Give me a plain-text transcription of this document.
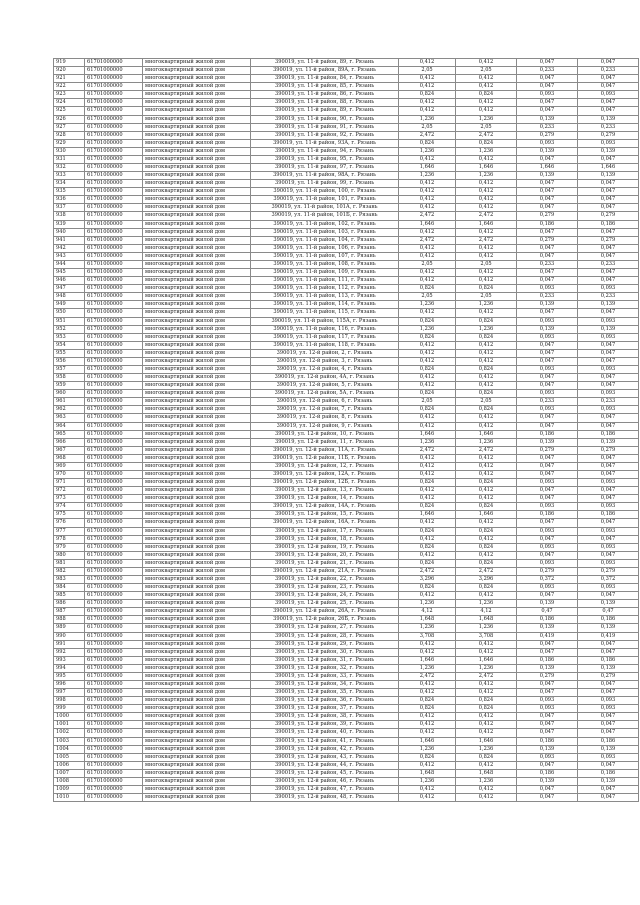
919	61701000000	многоквартирный жилой дом	390019, ул. 11-й район, 89, г. Рязань	0,412	0,412	0,047	0,047
920	61701000000	многоквартирный жилой дом	390019, ул. 11-й район, 89А, г. Рязань	2,05	2,05	0,233	0,233
921	61701000000	многоквартирный жилой дом	390019, ул. 11-й район, 84, г. Рязань	0,412	0,412	0,047	0,047
922	61701000000	многоквартирный жилой дом	390019, ул. 11-й район, 85, г. Рязань	0,412	0,412	0,047	0,047
923	61701000000	многоквартирный жилой дом	390019, ул. 11-й район, 86, г. Рязань	0,824	0,824	0,093	0,093
924	61701000000	многоквартирный жилой дом	390019, ул. 11-й район, 88, г. Рязань	0,412	0,412	0,047	0,047
925	61701000000	многоквартирный жилой дом	390019, ул. 11-й район, 89, г. Рязань	0,412	0,412	0,047	0,047
926	61701000000	многоквартирный жилой дом	390019, ул. 11-й район, 90, г. Рязань	1,236	1,236	0,139	0,139
927	61701000000	многоквартирный жилой дом	390019, ул. 11-й район, 91, г. Рязань	2,05	2,05	0,233	0,233
928	61701000000	многоквартирный жилой дом	390019, ул. 11-й район, 92, г. Рязань	2,472	2,472	0,279	0,279
929	61701000000	многоквартирный жилой дом	390019, ул. 11-й район, 93А, г. Рязань	0,824	0,824	0,093	0,093
930	61701000000	многоквартирный жилой дом	390019, ул. 11-й район, 94, г. Рязань	1,236	1,236	0,139	0,139
931	61701000000	многоквартирный жилой дом	390019, ул. 11-й район, 95, г. Рязань	0,412	0,412	0,047	0,047
932	61701000000	многоквартирный жилой дом	390019, ул. 11-й район, 97, г. Рязань	1,646	1,646	1,646	1,646
933	61701000000	многоквартирный жилой дом	390019, ул. 11-й район, 98А, г. Рязань	1,236	1,236	0,139	0,139
934	61701000000	многоквартирный жилой дом	390019, ул. 11-й район, 99, г. Рязань	0,412	0,412	0,047	0,047
935	61701000000	многоквартирный жилой дом	390019, ул. 11-й район, 100, г. Рязань	0,412	0,412	0,047	0,047
936	61701000000	многоквартирный жилой дом	390019, ул. 11-й район, 101, г. Рязань	0,412	0,412	0,047	0,047
937	61701000000	многоквартирный жилой дом	390019, ул. 11-й район, 101А, г. Рязань	0,412	0,412	0,047	0,047
938	61701000000	многоквартирный жилой дом	390019, ул. 11-й район, 101Б, г. Рязань	2,472	2,472	0,279	0,279
939	61701000000	многоквартирный жилой дом	390019, ул. 11-й район, 102, г. Рязань	1,646	1,646	0,186	0,186
940	61701000000	многоквартирный жилой дом	390019, ул. 11-й район, 103, г. Рязань	0,412	0,412	0,047	0,047
941	61701000000	многоквартирный жилой дом	390019, ул. 11-й район, 104, г. Рязань	2,472	2,472	0,279	0,279
942	61701000000	многоквартирный жилой дом	390019, ул. 11-й район, 106, г. Рязань	0,412	0,412	0,047	0,047
943	61701000000	многоквартирный жилой дом	390019, ул. 11-й район, 107, г. Рязань	0,412	0,412	0,047	0,047
944	61701000000	многоквартирный жилой дом	390019, ул. 11-й район, 108, г. Рязань	2,05	2,05	0,233	0,233
945	61701000000	многоквартирный жилой дом	390019, ул. 11-й район, 109, г. Рязань	0,412	0,412	0,047	0,047
946	61701000000	многоквартирный жилой дом	390019, ул. 11-й район, 111, г. Рязань	0,412	0,412	0,047	0,047
947	61701000000	многоквартирный жилой дом	390019, ул. 11-й район, 112, г. Рязань	0,824	0,824	0,093	0,093
948	61701000000	многоквартирный жилой дом	390019, ул. 11-й район, 113, г. Рязань	2,05	2,05	0,233	0,233
949	61701000000	многоквартирный жилой дом	390019, ул. 11-й район, 114, г. Рязань	1,236	1,236	0,139	0,139
950	61701000000	многоквартирный жилой дом	390019, ул. 11-й район, 115, г. Рязань	0,412	0,412	0,047	0,047
951	61701000000	многоквартирный жилой дом	390019, ул. 11-й район, 115А, г. Рязань	0,824	0,824	0,093	0,093
952	61701000000	многоквартирный жилой дом	390019, ул. 11-й район, 116, г. Рязань	1,236	1,236	0,139	0,139
953	61701000000	многоквартирный жилой дом	390019, ул. 11-й район, 117, г. Рязань	0,824	0,824	0,093	0,093
954	61701000000	многоквартирный жилой дом	390019, ул. 11-й район, 118, г. Рязань	0,412	0,412	0,047	0,047
955	61701000000	многоквартирный жилой дом	390019, ул. 12-й район, 2, г. Рязань	0,412	0,412	0,047	0,047
956	61701000000	многоквартирный жилой дом	390019, ул. 12-й район, 3, г. Рязань	0,412	0,412	0,047	0,047
957	61701000000	многоквартирный жилой дом	390019, ул. 12-й район, 4, г. Рязань	0,824	0,824	0,093	0,093
958	61701000000	многоквартирный жилой дом	390019, ул. 12-й район, 4А, г. Рязань	0,412	0,412	0,047	0,047
959	61701000000	многоквартирный жилой дом	390019, ул. 12-й район, 5, г. Рязань	0,412	0,412	0,047	0,047
960	61701000000	многоквартирный жилой дом	390019, ул. 12-й район, 5А, г. Рязань	0,824	0,824	0,093	0,093
961	61701000000	многоквартирный жилой дом	390019, ул. 12-й район, 6, г. Рязань	2,05	2,05	0,233	0,233
962	61701000000	многоквартирный жилой дом	390019, ул. 12-й район, 7, г. Рязань	0,824	0,824	0,093	0,093
963	61701000000	многоквартирный жилой дом	390019, ул. 12-й район, 8, г. Рязань	0,412	0,412	0,047	0,047
964	61701000000	многоквартирный жилой дом	390019, ул. 12-й район, 9, г. Рязань	0,412	0,412	0,047	0,047
965	61701000000	многоквартирный жилой дом	390019, ул. 12-й район, 10, г. Рязань	1,646	1,646	0,186	0,186
966	61701000000	многоквартирный жилой дом	390019, ул. 12-й район, 11, г. Рязань	1,236	1,236	0,139	0,139
967	61701000000	многоквартирный жилой дом	390019, ул. 12-й район, 11А, г. Рязань	2,472	2,472	0,279	0,279
968	61701000000	многоквартирный жилой дом	390019, ул. 12-й район, 11Б, г. Рязань	0,412	0,412	0,047	0,047
969	61701000000	многоквартирный жилой дом	390019, ул. 12-й район, 12, г. Рязань	0,412	0,412	0,047	0,047
970	61701000000	многоквартирный жилой дом	390019, ул. 12-й район, 12А, г. Рязань	0,412	0,412	0,047	0,047
971	61701000000	многоквартирный жилой дом	390019, ул. 12-й район, 12Б, г. Рязань	0,824	0,824	0,093	0,093
972	61701000000	многоквартирный жилой дом	390019, ул. 12-й район, 13, г. Рязань	0,412	0,412	0,047	0,047
973	61701000000	многоквартирный жилой дом	390019, ул. 12-й район, 14, г. Рязань	0,412	0,412	0,047	0,047
974	61701000000	многоквартирный жилой дом	390019, ул. 12-й район, 14А, г. Рязань	0,824	0,824	0,093	0,093
975	61701000000	многоквартирный жилой дом	390019, ул. 12-й район, 15, г. Рязань	1,646	1,646	0,186	0,186
976	61701000000	многоквартирный жилой дом	390019, ул. 12-й район, 16А, г. Рязань	0,412	0,412	0,047	0,047
977	61701000000	многоквартирный жилой дом	390019, ул. 12-й район, 17, г. Рязань	0,824	0,824	0,093	0,093
978	61701000000	многоквартирный жилой дом	390019, ул. 12-й район, 18, г. Рязань	0,412	0,412	0,047	0,047
979	61701000000	многоквартирный жилой дом	390019, ул. 12-й район, 19, г. Рязань	0,824	0,824	0,093	0,093
980	61701000000	многоквартирный жилой дом	390019, ул. 12-й район, 20, г. Рязань	0,412	0,412	0,047	0,047
981	61701000000	многоквартирный жилой дом	390019, ул. 12-й район, 21, г. Рязань	0,824	0,824	0,093	0,093
982	61701000000	многоквартирный жилой дом	390019, ул. 12-й район, 21А, г. Рязань	2,472	2,472	0,279	0,279
983	61701000000	многоквартирный жилой дом	390019, ул. 12-й район, 22, г. Рязань	3,296	3,296	0,372	0,372
984	61701000000	многоквартирный жилой дом	390019, ул. 12-й район, 23, г. Рязань	0,824	0,824	0,093	0,093
985	61701000000	многоквартирный жилой дом	390019, ул. 12-й район, 24, г. Рязань	0,412	0,412	0,047	0,047
986	61701000000	многоквартирный жилой дом	390019, ул. 12-й район, 25, г. Рязань	1,236	1,236	0,139	0,139
987	61701000000	многоквартирный жилой дом	390019, ул. 12-й район, 26А, г. Рязань	4,12	4,12	0,47	0,47
988	61701000000	многоквартирный жилой дом	390019, ул. 12-й район, 26Б, г. Рязань	1,648	1,648	0,186	0,186
989	61701000000	многоквартирный жилой дом	390019, ул. 12-й район, 27, г. Рязань	1,236	1,236	0,139	0,139
990	61701000000	многоквартирный жилой дом	390019, ул. 12-й район, 28, г. Рязань	3,708	3,708	0,419	0,419
991	61701000000	многоквартирный жилой дом	390019, ул. 12-й район, 29, г. Рязань	0,412	0,412	0,047	0,047
992	61701000000	многоквартирный жилой дом	390019, ул. 12-й район, 30, г. Рязань	0,412	0,412	0,047	0,047
993	61701000000	многоквартирный жилой дом	390019, ул. 12-й район, 31, г. Рязань	1,646	1,646	0,186	0,186
994	61701000000	многоквартирный жилой дом	390019, ул. 12-й район, 32, г. Рязань	1,236	1,236	0,139	0,139
995	61701000000	многоквартирный жилой дом	390019, ул. 12-й район, 33, г. Рязань	2,472	2,472	0,279	0,279
996	61701000000	многоквартирный жилой дом	390019, ул. 12-й район, 34, г. Рязань	0,412	0,412	0,047	0,047
997	61701000000	многоквартирный жилой дом	390019, ул. 12-й район, 35, г. Рязань	0,412	0,412	0,047	0,047
998	61701000000	многоквартирный жилой дом	390019, ул. 12-й район, 36, г. Рязань	0,824	0,824	0,093	0,093
999	61701000000	многоквартирный жилой дом	390019, ул. 12-й район, 37, г. Рязань	0,824	0,824	0,093	0,093
1000	61701000000	многоквартирный жилой дом	390019, ул. 12-й район, 38, г. Рязань	0,412	0,412	0,047	0,047
1001	61701000000	многоквартирный жилой дом	390019, ул. 12-й район, 39, г. Рязань	0,412	0,412	0,047	0,047
1002	61701000000	многоквартирный жилой дом	390019, ул. 12-й район, 40, г. Рязань	0,412	0,412	0,047	0,047
1003	61701000000	многоквартирный жилой дом	390019, ул. 12-й район, 41, г. Рязань	1,646	1,646	0,186	0,186
1004	61701000000	многоквартирный жилой дом	390019, ул. 12-й район, 42, г. Рязань	1,236	1,236	0,139	0,139
1005	61701000000	многоквартирный жилой дом	390019, ул. 12-й район, 43, г. Рязань	0,824	0,824	0,093	0,093
1006	61701000000	многоквартирный жилой дом	390019, ул. 12-й район, 44, г. Рязань	0,412	0,412	0,047	0,047
1007	61701000000	многоквартирный жилой дом	390019, ул. 12-й район, 45, г. Рязань	1,648	1,648	0,186	0,186
1008	61701000000	многоквартирный жилой дом	390019, ул. 12-й район, 46, г. Рязань	1,236	1,236	0,139	0,139
1009	61701000000	многоквартирный жилой дом	390019, ул. 12-й район, 47, г. Рязань	0,412	0,412	0,047	0,047
1010	61701000000	многоквартирный жилой дом	390019, ул. 12-й район, 48, г. Рязань	0,412	0,412	0,047	0,047
